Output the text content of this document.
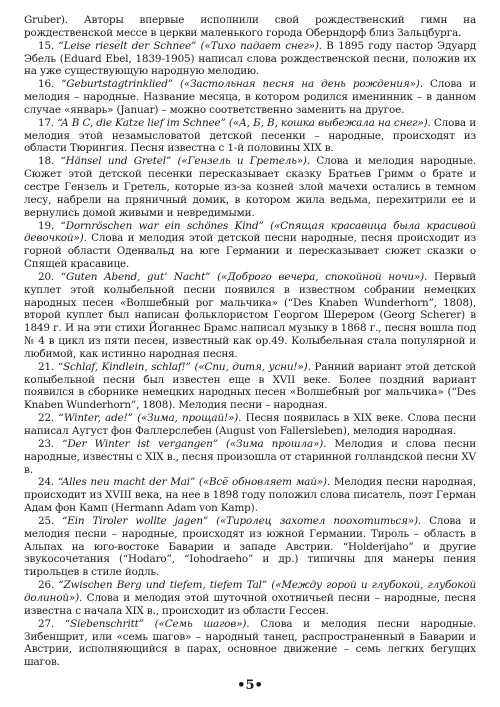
Gruber). Авторы впервые исполнили свой рождественский гимн на рождественской мессе в церкви маленького города Оберндорф близ Зальцбурга.

15. “Leise rieselt der Schnee” («Тихо падает снег»). В 1895 году пастор Эдуард Эбель (Eduard Ebel, 1839-1905) написал слова рождественской песни, положив их на уже существующую народную мелодию.

16. “Geburtstagtrinklied” («Застольная песня на день рождения»). Слова и мелодия – народные. Название месяца, в котором родился именинник – в данном случае «январь» (Januar) – можно соответственно заменить на другое.

17. “A B C, die Katze lief im Schnee” («А, Б, В, кошка выбежала на снег»). Слова и мелодия этой незамысловатой детской песенки – народные, происходят из области Тюрингия. Песня известна с 1-й половины XIX в.

18. “Hänsel und Gretel” («Гензель и Гретель»). Слова и мелодия народные. Сюжет этой детской песенки пересказывает сказку Братьев Гримм о брате и сестре Гензель и Гретель, которые из-за козней злой мачехи остались в темном лесу, набрели на пряничный домик, в котором жила ведьма, перехитрили ее и вернулись домой живыми и невредимыми.

19. “Dornröschen war ein schönes Kind” («Спящая красавица была красивой девочкой»). Слова и мелодия этой детской песни народные, песня происходит из горной области Оденвальд на юге Германии и пересказывает сюжет сказки о Спящей красавице.

20. “Guten Abend, gut’ Nacht” («Доброго вечера, спокойной ночи»). Первый куплет этой колыбельной песни появился в известном собрании немецких народных песен «Волшебный рог мальчика» (“Des Knaben Wunderhorn”, 1808), второй куплет был написан фольклористом Георгом Шерером (Georg Scherer) в 1849 г. И на эти стихи Йоганнес Брамс написал музыку в 1868 г., песня вошла под № 4 в цикл из пяти песен, известный как ор.49. Колыбельная стала популярной и любимой, как истинно народная песня.

21. “Schlaf, Kindlein, schlaf!” («Спи, дитя, усни!»). Ранний вариант этой детской колыбельной песни был известен еще в XVII веке. Более поздний вариант появился в сборнике немецких народных песен «Волшебный рог мальчика» (“Des Knaben Wunderhorn”, 1808). Мелодия песни – народная.

22. “Winter, ade!” («Зима, прощай!»). Песня появилась в XIX веке. Слова песни написал Аугуст фон Фаллерслебен (August von Fallersleben), мелодия народная.

23. “Der Winter ist vergangen” («Зима прошла»). Мелодия и слова песни народные, известны с XIX в., песня произошла от старинной голландской песни XV в.

24. “Alles neu macht der Mai” («Всё обновляет май»). Мелодия песни народная, происходит из XVIII века, на нее в 1898 году положил слова писатель, поэт Герман Адам фон Камп (Hermann Adam von Kamp).

25. “Ein Tiroler wollte jagen” («Тиролец захотел поохотиться»). Слова и мелодия песни – народные, происходят из южной Германии. Тироль – область в Альпах на юго-востоке Баварии и западе Австрии. “Holderijaho” и другие звукосочетания (“Hodaro”, “Iohodraeho” и др.) типичны для манеры пения тирольцев в стиле йодль.

26. “Zwischen Berg und tiefem, tiefem Tal” («Между горой и глубокой, глубокой долиной»). Слова и мелодия этой шуточной охотничьей песни – народные, песня известна с начала XIX в., происходит из области Гессен.

27. “Siebenschritt” («Семь шагов»). Слова и мелодия песни народные. Зибеншрит, или «семь шагов» – народный танец, распространенный в Баварии и Австрии, исполняющийся в парах, основное движение – семь легких бегущих шагов.

•5•
